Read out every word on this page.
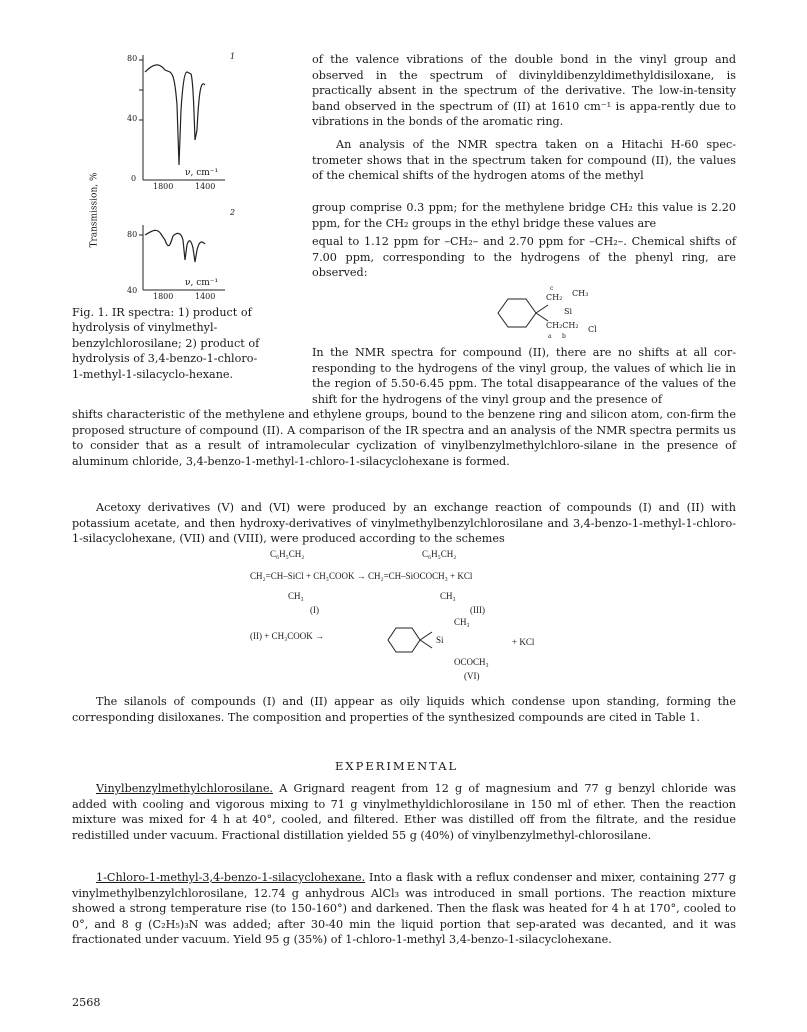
80
40
0
1
ν, cm⁻¹
1800	1400
Transmission, %	2
80
40
ν, cm⁻¹
1800	1400
Fig. 1. IR spectra: 1) product of hydrolysis of vinylmethyl-benzylchlorosilane; 2) product of hydrolysis of 3,4-benzo-1-chloro-1-methyl-1-silacyclo-hexane.
of the valence vibrations of the double bond in the vinyl group and observed in the spectrum of divinyldibenzyldimethyldisiloxane, is practically absent in the spectrum of the derivative. The low-in-tensity band observed in the spectrum of (II) at 1610 cm⁻¹ is appa-rently due to vibrations in the bonds of the aromatic ring.
An analysis of the NMR spectra taken on a Hitachi H-60 spec-trometer shows that in the spectrum taken for compound (II), the values of the chemical shifts of the hydrogen atoms of the methyl
group comprise 0.3 ppm; for the methylene bridge CH₂ this value is 2.20 ppm, for the CH₂ groups in the ethyl bridge these values are
equal to 1.12 ppm for –CH₂– and 2.70 ppm for –CH₂–. Chemical shifts of 7.00 ppm, corresponding to the hydrogens of the phenyl ring, are observed:
c
CH₂ CH₃
Si
CH₂CH₂ Cl
a b
In the NMR spectra for compound (II), there are no shifts at all cor-responding to the hydrogens of the vinyl group, the values of which lie in the region of 5.50-6.45 ppm. The total disappearance of the values of the shift for the hydrogens of the vinyl group and the presence of
shifts characteristic of the methylene and ethylene groups, bound to the benzene ring and silicon atom, con-firm the proposed structure of compound (II). A comparison of the IR spectra and an analysis of the NMR spectra permits us to consider that as a result of intramolecular cyclization of vinylbenzylmethylchloro-silane in the presence of aluminum chloride, 3,4-benzo-1-methyl-1-chloro-1-silacyclohexane is formed.
Acetoxy derivatives (V) and (VI) were produced by an exchange reaction of compounds (I) and (II) with potassium acetate, and then hydroxy-derivatives of vinylmethylbenzylchlorosilane and 3,4-benzo-1-methyl-1-chloro-1-silacyclohexane, (VII) and (VIII), were produced according to the schemes
C₆H₅CH₂	C₆H₅CH₂
CH₂=CH–SiCl + CH₃COOK → CH₂=CH–SiOCOCH₃ + KCl
CH₃	CH₃
(I)	(III)
CH₃
(II) + CH₃COOK →	Si	+ KCl
OCOCH₃
(VI)
The silanols of compounds (I) and (II) appear as oily liquids which condense upon standing, forming the corresponding disiloxanes. The composition and properties of the synthesized compounds are cited in Table 1.
EXPERIMENTAL
Vinylbenzylmethylchlorosilane. A Grignard reagent from 12 g of magnesium and 77 g benzyl chloride was added with cooling and vigorous mixing to 71 g vinylmethyldichlorosilane in 150 ml of ether. Then the reaction mixture was mixed for 4 h at 40°, cooled, and filtered. Ether was distilled off from the filtrate, and the residue redistilled under vacuum. Fractional distillation yielded 55 g (40%) of vinylbenzylmethyl-chlorosilane.
1-Chloro-1-methyl-3,4-benzo-1-silacyclohexane. Into a flask with a reflux condenser and mixer, containing 277 g vinylmethylbenzylchlorosilane, 12.74 g anhydrous AlCl₃ was introduced in small portions. The reaction mixture showed a strong temperature rise (to 150-160°) and darkened. Then the flask was heated for 4 h at 170°, cooled to 0°, and 8 g (C₂H₅)₃N was added; after 30-40 min the liquid portion that sep-arated was decanted, and it was fractionated under vacuum. Yield 95 g (35%) of 1-chloro-1-methyl 3,4-benzo-1-silacyclohexane.
2568
